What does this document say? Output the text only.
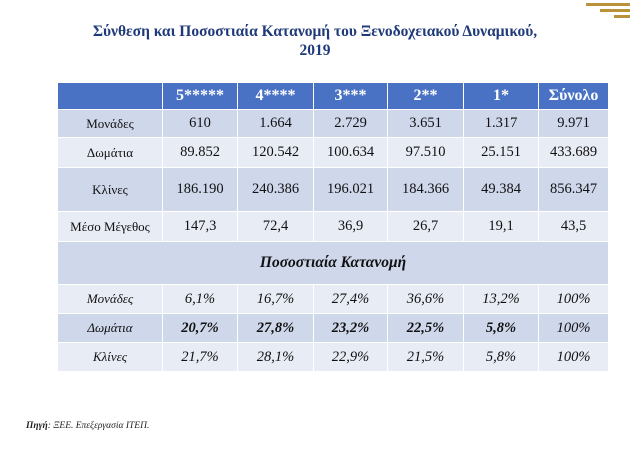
Σύνθεση και Ποσοστιαία Κατανομή του Ξενοδοχειακού Δυναμικού,
2019
	5*****	4****	3***	2**	1*	Σύνολο
Μονάδες	610	1.664	2.729	3.651	1.317	9.971
Δωμάτια	89.852	120.542	100.634	97.510	25.151	433.689
Κλίνες	186.190	240.386	196.021	184.366	49.384	856.347
Μέσο Μέγεθος	147,3	72,4	36,9	26,7	19,1	43,5
Ποσοστιαία Κατανομή						
Μονάδες	6,1%	16,7%	27,4%	36,6%	13,2%	100%
Δωμάτια	20,7%	27,8%	23,2%	22,5%	5,8%	100%
Κλίνες	21,7%	28,1%	22,9%	21,5%	5,8%	100%
Πηγή: ΞΕΕ. Επεξεργασία ΙΤΕΠ.
